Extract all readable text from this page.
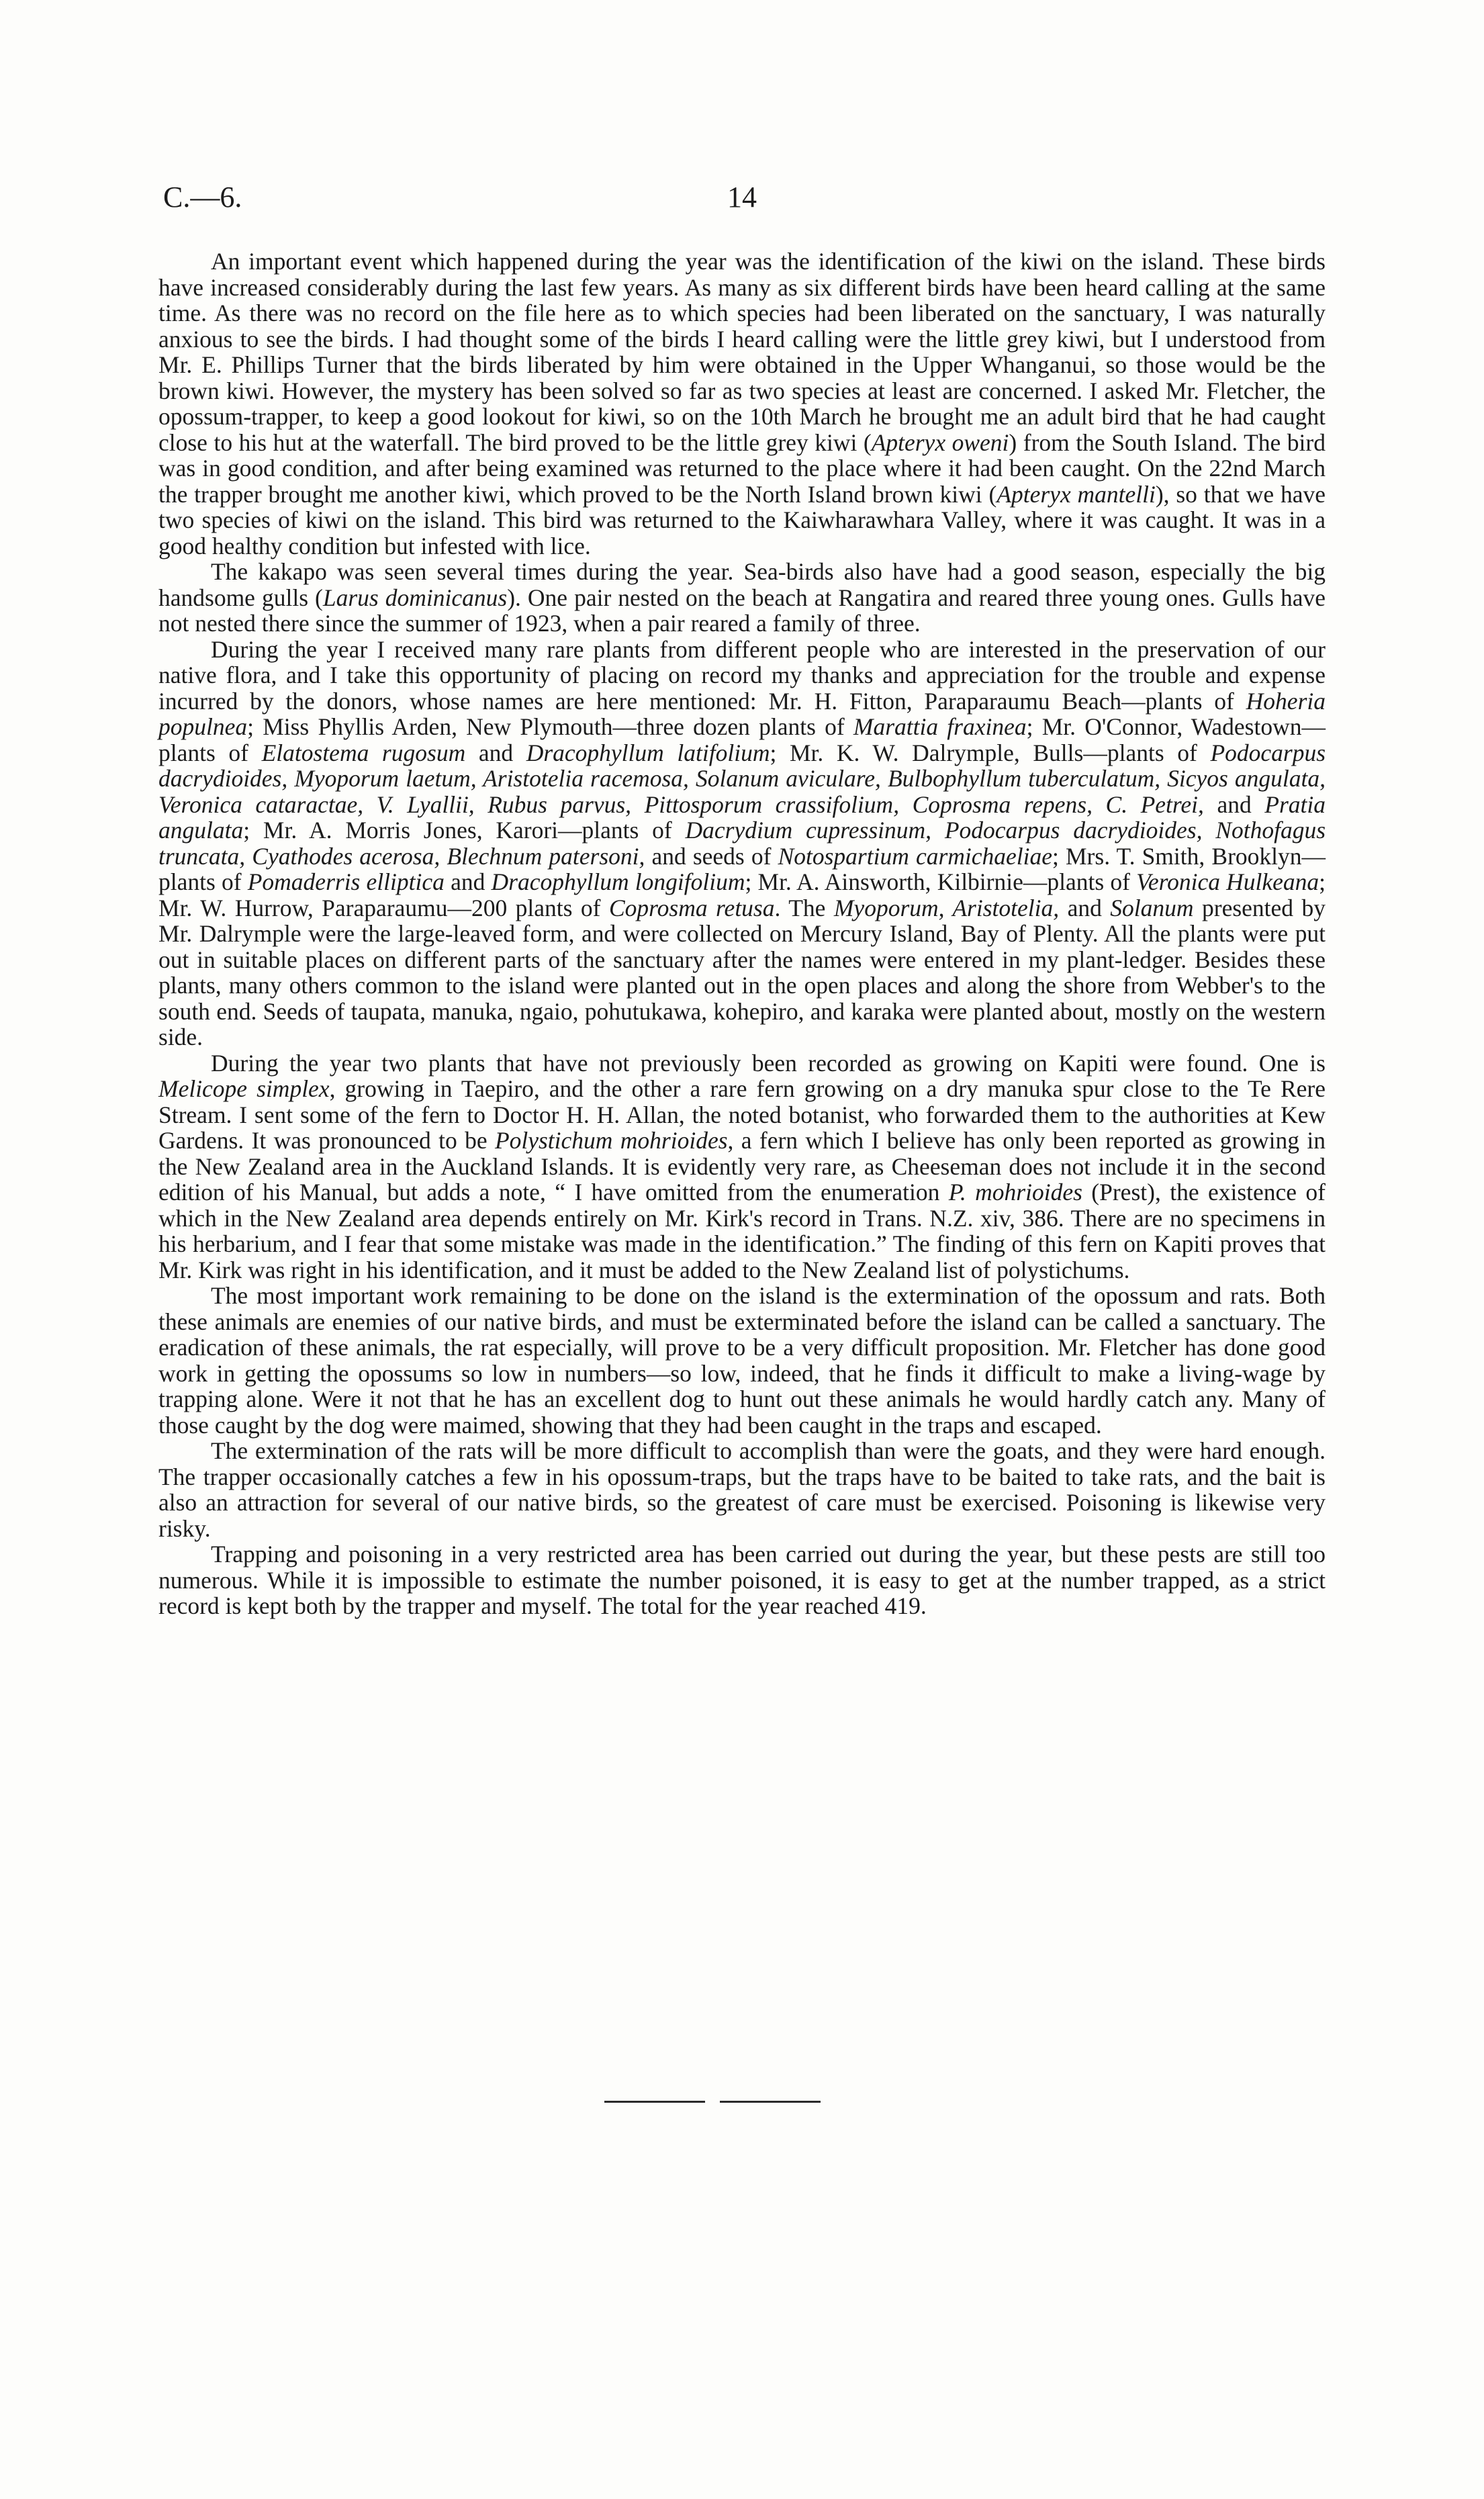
C.—6.	14

An important event which happened during the year was the identification of the kiwi on the island. These birds have increased considerably during the last few years. As many as six different birds have been heard calling at the same time. As there was no record on the file here as to which species had been liberated on the sanctuary, I was naturally anxious to see the birds. I had thought some of the birds I heard calling were the little grey kiwi, but I understood from Mr. E. Phillips Turner that the birds liberated by him were obtained in the Upper Whanganui, so those would be the brown kiwi. However, the mystery has been solved so far as two species at least are concerned. I asked Mr. Fletcher, the opossum-trapper, to keep a good lookout for kiwi, so on the 10th March he brought me an adult bird that he had caught close to his hut at the waterfall. The bird proved to be the little grey kiwi (Apteryx oweni) from the South Island. The bird was in good condition, and after being examined was returned to the place where it had been caught. On the 22nd March the trapper brought me another kiwi, which proved to be the North Island brown kiwi (Apteryx mantelli), so that we have two species of kiwi on the island. This bird was returned to the Kaiwharawhara Valley, where it was caught. It was in a good healthy condition but infested with lice.

The kakapo was seen several times during the year. Sea-birds also have had a good season, especially the big handsome gulls (Larus dominicanus). One pair nested on the beach at Rangatira and reared three young ones. Gulls have not nested there since the summer of 1923, when a pair reared a family of three.

During the year I received many rare plants from different people who are interested in the preservation of our native flora, and I take this opportunity of placing on record my thanks and appreciation for the trouble and expense incurred by the donors, whose names are here mentioned: Mr. H. Fitton, Paraparaumu Beach—plants of Hoheria populnea; Miss Phyllis Arden, New Plymouth—three dozen plants of Marattia fraxinea; Mr. O'Connor, Wadestown—plants of Elatostema rugosum and Dracophyllum latifolium; Mr. K. W. Dalrymple, Bulls—plants of Podocarpus dacrydioides, Myoporum laetum, Aristotelia racemosa, Solanum aviculare, Bulbophyllum tuberculatum, Sicyos angulata, Veronica cataractae, V. Lyallii, Rubus parvus, Pittosporum crassifolium, Coprosma repens, C. Petrei, and Pratia angulata; Mr. A. Morris Jones, Karori—plants of Dacrydium cupressinum, Podocarpus dacrydioides, Nothofagus truncata, Cyathodes acerosa, Blechnum patersoni, and seeds of Notospartium carmichaeliae; Mrs. T. Smith, Brooklyn—plants of Pomaderris elliptica and Dracophyllum longifolium; Mr. A. Ainsworth, Kilbirnie—plants of Veronica Hulkeana; Mr. W. Hurrow, Paraparaumu—200 plants of Coprosma retusa. The Myoporum, Aristotelia, and Solanum presented by Mr. Dalrymple were the large-leaved form, and were collected on Mercury Island, Bay of Plenty. All the plants were put out in suitable places on different parts of the sanctuary after the names were entered in my plant-ledger. Besides these plants, many others common to the island were planted out in the open places and along the shore from Webber's to the south end. Seeds of taupata, manuka, ngaio, pohutukawa, kohepiro, and karaka were planted about, mostly on the western side.

During the year two plants that have not previously been recorded as growing on Kapiti were found. One is Melicope simplex, growing in Taepiro, and the other a rare fern growing on a dry manuka spur close to the Te Rere Stream. I sent some of the fern to Doctor H. H. Allan, the noted botanist, who forwarded them to the authorities at Kew Gardens. It was pronounced to be Polystichum mohrioides, a fern which I believe has only been reported as growing in the New Zealand area in the Auckland Islands. It is evidently very rare, as Cheeseman does not include it in the second edition of his Manual, but adds a note, “ I have omitted from the enumeration P. mohrioides (Prest), the existence of which in the New Zealand area depends entirely on Mr. Kirk's record in Trans. N.Z. xiv, 386. There are no specimens in his herbarium, and I fear that some mistake was made in the identification.” The finding of this fern on Kapiti proves that Mr. Kirk was right in his identification, and it must be added to the New Zealand list of polystichums.

The most important work remaining to be done on the island is the extermination of the opossum and rats. Both these animals are enemies of our native birds, and must be exterminated before the island can be called a sanctuary. The eradication of these animals, the rat especially, will prove to be a very difficult proposition. Mr. Fletcher has done good work in getting the opossums so low in numbers—so low, indeed, that he finds it difficult to make a living-wage by trapping alone. Were it not that he has an excellent dog to hunt out these animals he would hardly catch any. Many of those caught by the dog were maimed, showing that they had been caught in the traps and escaped.

The extermination of the rats will be more difficult to accomplish than were the goats, and they were hard enough. The trapper occasionally catches a few in his opossum-traps, but the traps have to be baited to take rats, and the bait is also an attraction for several of our native birds, so the greatest of care must be exercised. Poisoning is likewise very risky.

Trapping and poisoning in a very restricted area has been carried out during the year, but these pests are still too numerous. While it is impossible to estimate the number poisoned, it is easy to get at the number trapped, as a strict record is kept both by the trapper and myself. The total for the year reached 419.
